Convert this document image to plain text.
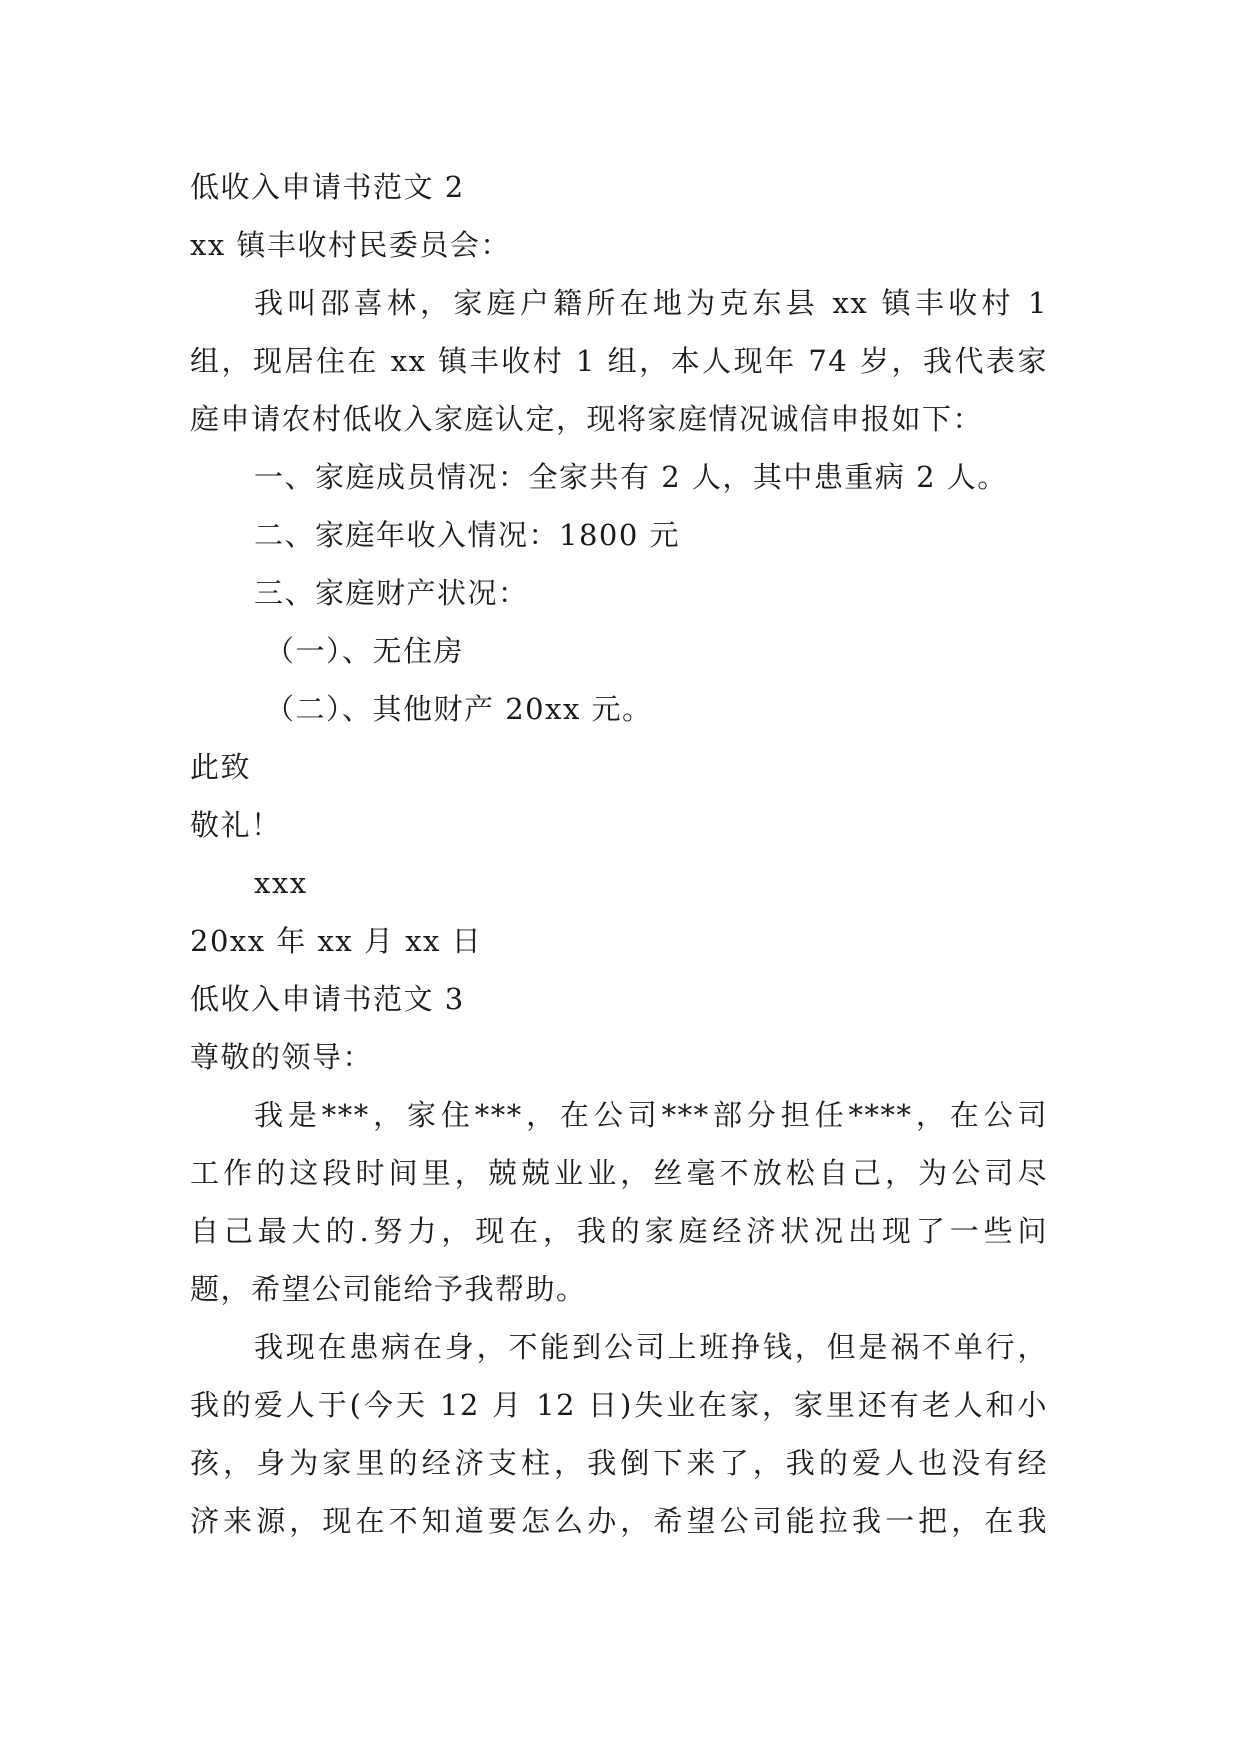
低收入申请书范文 2
xx 镇丰收村民委员会：
我叫邵喜林，家庭户籍所在地为克东县 xx 镇丰收村 1
组，现居住在 xx 镇丰收村 1 组，本人现年 74 岁，我代表家
庭申请农村低收入家庭认定，现将家庭情况诚信申报如下：
一、家庭成员情况：全家共有 2 人，其中患重病 2 人。
二、家庭年收入情况：1800 元
三、家庭财产状况：
（一）、无住房
（二）、其他财产 20xx 元。
此致
敬礼！
xxx
20xx 年 xx 月 xx 日
低收入申请书范文 3
尊敬的领导：
我是***，家住***，在公司***部分担任****，在公司
工作的这段时间里，兢兢业业，丝毫不放松自己，为公司尽
自己最大的.努力，现在，我的家庭经济状况出现了一些问
题，希望公司能给予我帮助。
我现在患病在身，不能到公司上班挣钱，但是祸不单行，
我的爱人于(今天 12 月 12 日)失业在家，家里还有老人和小
孩，身为家里的经济支柱，我倒下来了，我的爱人也没有经
济来源，现在不知道要怎么办，希望公司能拉我一把，在我
